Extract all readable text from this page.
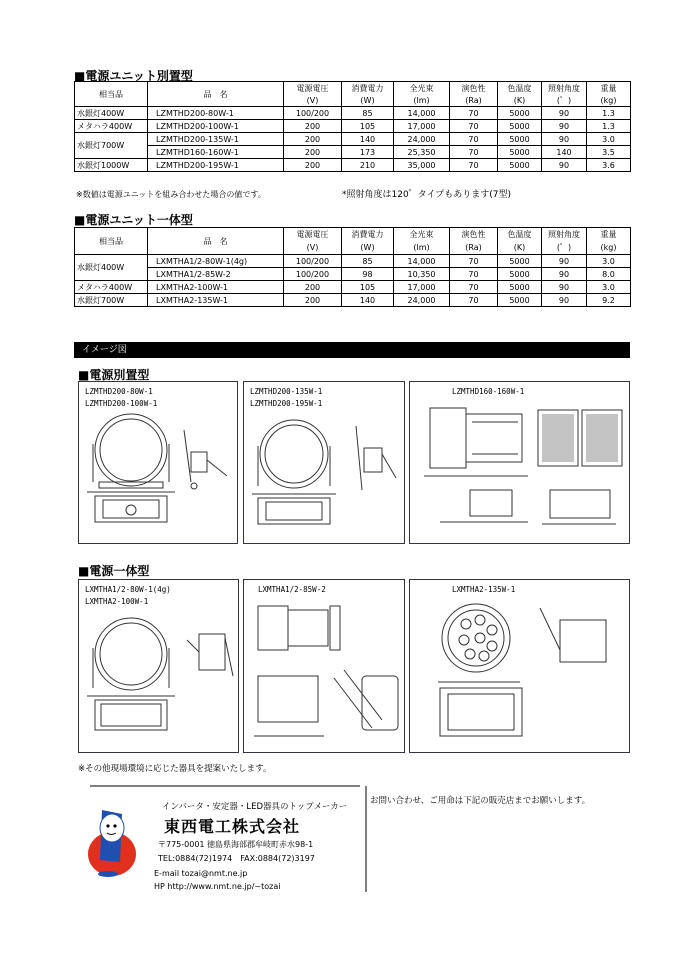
■電源ユニット別置型
相当品	品　名	電源電圧	消費電力	全光束	演色性	色温度	照射角度	重量
		(V)	(W)	(lm)	(Ra)	(K)	(゜)	(kg)
水銀灯400W	LZMTHD200-80W-1	100/200	85	14,000	70	5000	90	1.3
メタハラ400W	LZMTHD200-100W-1	200	105	17,000	70	5000	90	1.3
水銀灯700W	LZMTHD200-135W-1	200	140	24,000	70	5000	90	3.0
	LZMTHD160-160W-1	200	173	25,350	70	5000	140	3.5
水銀灯1000W	LZMTHD200-195W-1	200	210	35,000	70	5000	90	3.6
※数値は電源ユニットを組み合わせた場合の値です。	*照射角度は120゜タイプもあります(7型)
■電源ユニット一体型
相当品	品　名	電源電圧	消費電力	全光束	演色性	色温度	照射角度	重量
		(V)	(W)	(lm)	(Ra)	(K)	(゜)	(kg)
水銀灯400W	LXMTHA1/2-80W-1(4g)	100/200	85	14,000	70	5000	90	3.0
	LXMTHA1/2-85W-2	100/200	98	10,350	70	5000	90	8.0
メタハラ400W	LXMTHA2-100W-1	200	105	17,000	70	5000	90	3.0
水銀灯700W	LXMTHA2-135W-1	200	140	24,000	70	5000	90	9.2
イメージ図
■電源別置型
LZMTHD200-80W-1
LZMTHD200-100W-1
LZMTHD200-135W-1
LZMTHD200-195W-1
LZMTHD160-160W-1
■電源一体型
LXMTHA1/2-80W-1(4g)
LXMTHA2-100W-1
LXMTHA1/2-85W-2	LXMTHA2-135W-1
※その他現場環境に応じた器具を提案いたします。
インバータ・安定器・LED器具のトップメーカー
東西電工株式会社
〒775-0001 徳島県海部郡牟岐町赤水98-1
TEL:0884(72)1974　FAX:0884(72)3197
E-mail tozai@nmt.ne.jp
HP http://www.nmt.ne.jp/~tozai
お問い合わせ、ご用命は下記の販売店までお願いします。
